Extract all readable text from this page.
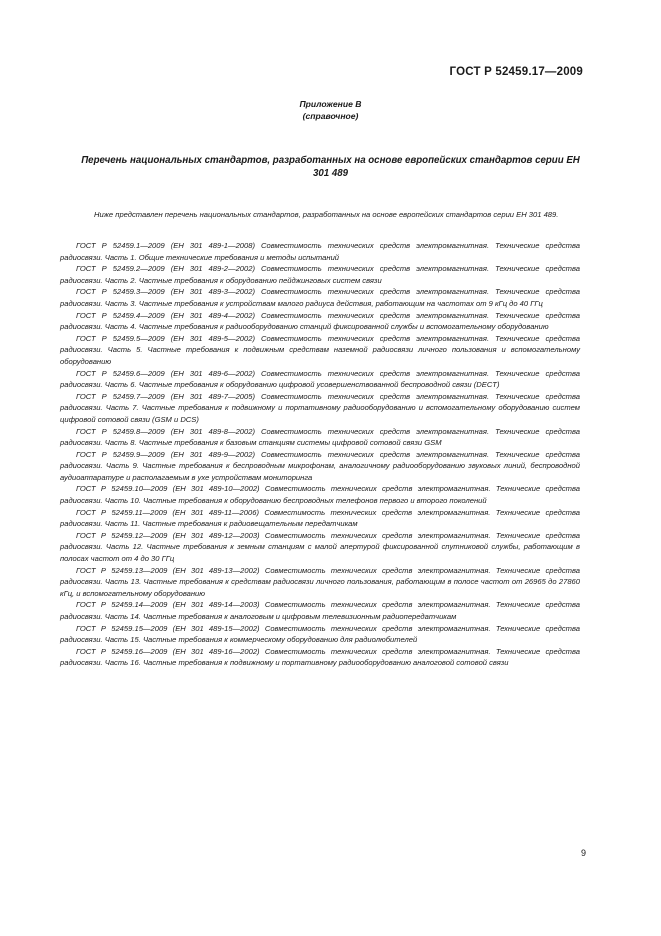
ГОСТ Р 52459.17—2009
Приложение В
(справочное)
Перечень национальных стандартов, разработанных на основе европейских стандартов серии ЕН 301 489

Ниже представлен перечень национальных стандартов, разработанных на основе европейских стандартов серии ЕН 301 489.

ГОСТ Р 52459.1—2009 (ЕН 301 489-1—2008) Совместимость технических средств электромагнитная. Технические средства радиосвязи. Часть 1. Общие технические требования и методы испытаний

ГОСТ Р 52459.2—2009 (ЕН 301 489-2—2002) Совместимость технических средств электромагнитная. Технические средства радиосвязи. Часть 2. Частные требования к оборудованию пейджинговых систем связи

ГОСТ Р 52459.3—2009 (ЕН 301 489-3—2002) Совместимость технических средств электромагнитная. Технические средства радиосвязи. Часть 3. Частные требования к устройствам малого радиуса действия, работающим на частотах от 9 кГц до 40 ГГц

ГОСТ Р 52459.4—2009 (ЕН 301 489-4—2002) Совместимость технических средств электромагнитная. Технические средства радиосвязи. Часть 4. Частные требования к радиооборудованию станций фиксированной службы и вспомогательному оборудованию

ГОСТ Р 52459.5—2009 (ЕН 301 489-5—2002) Совместимость технических средств электромагнитная. Технические средства радиосвязи. Часть 5. Частные требования к подвижным средствам наземной радиосвязи личного пользования и вспомогательному оборудованию

ГОСТ Р 52459.6—2009 (ЕН 301 489-6—2002) Совместимость технических средств электромагнитная. Технические средства радиосвязи. Часть 6. Частные требования к оборудованию цифровой усовершенствованной беспроводной связи (DECT)

ГОСТ Р 52459.7—2009 (ЕН 301 489-7—2005) Совместимость технических средств электромагнитная. Технические средства радиосвязи. Часть 7. Частные требования к подвижному и портативному радиооборудованию и вспомогательному оборудованию систем цифровой сотовой связи (GSM и DCS)

ГОСТ Р 52459.8—2009 (ЕН 301 489-8—2002) Совместимость технических средств электромагнитная. Технические средства радиосвязи. Часть 8. Частные требования к базовым станциям системы цифровой сотовой связи GSM

ГОСТ Р 52459.9—2009 (ЕН 301 489-9—2002) Совместимость технических средств электромагнитная. Технические средства радиосвязи. Часть 9. Частные требования к беспроводным микрофонам, аналогичному радиооборудованию звуковых линий, беспроводной аудиоаппаратуре и располагаемым в ухе устройствам мониторинга

ГОСТ Р 52459.10—2009 (ЕН 301 489-10—2002) Совместимость технических средств электромагнитная. Технические средства радиосвязи. Часть 10. Частные требования к оборудованию беспроводных телефонов первого и второго поколений

ГОСТ Р 52459.11—2009 (ЕН 301 489-11—2006) Совместимость технических средств электромагнитная. Технические средства радиосвязи. Часть 11. Частные требования к радиовещательным передатчикам

ГОСТ Р 52459.12—2009 (ЕН 301 489-12—2003) Совместимость технических средств электромагнитная. Технические средства радиосвязи. Часть 12. Частные требования к земным станциям с малой апертурой фиксированной спутниковой службы, работающим в полосах частот от 4 до 30 ГГц

ГОСТ Р 52459.13—2009 (ЕН 301 489-13—2002) Совместимость технических средств электромагнитная. Технические средства радиосвязи. Часть 13. Частные требования к средствам радиосвязи личного пользования, работающим в полосе частот от 26965 до 27860 кГц, и вспомогательному оборудованию

ГОСТ Р 52459.14—2009 (ЕН 301 489-14—2003) Совместимость технических средств электромагнитная. Технические средства радиосвязи. Часть 14. Частные требования к аналоговым и цифровым телевизионным радиопередатчикам

ГОСТ Р 52459.15—2009 (ЕН 301 489-15—2002) Совместимость технических средств электромагнитная. Технические средства радиосвязи. Часть 15. Частные требования к коммерческому оборудованию для радиолюбителей

ГОСТ Р 52459.16—2009 (ЕН 301 489-16—2002) Совместимость технических средств электромагнитная. Технические средства радиосвязи. Часть 16. Частные требования к подвижному и портативному радиооборудованию аналоговой сотовой связи

9
